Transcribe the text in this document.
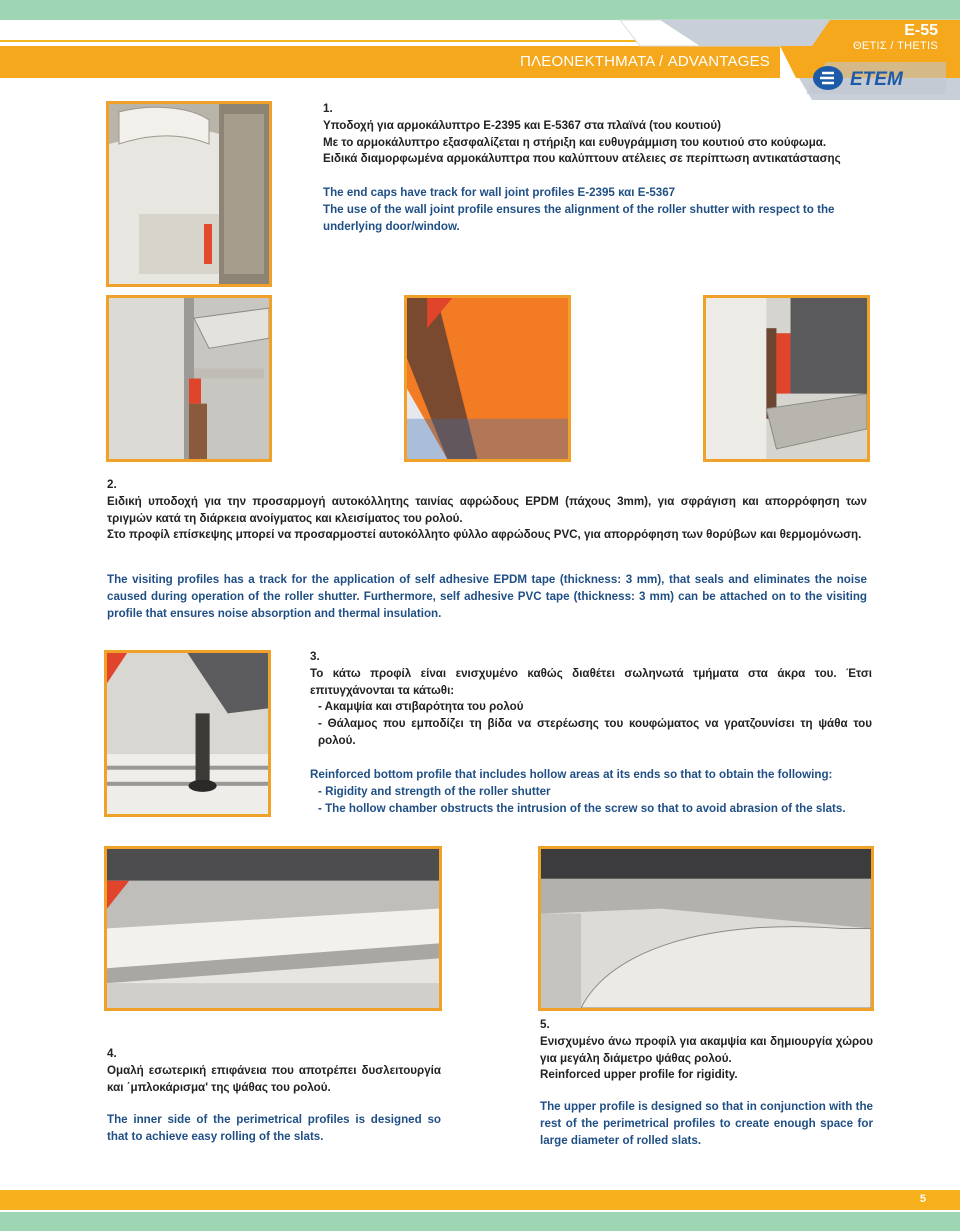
ΠΛΕΟΝΕΚΤΗΜΑΤΑ / ADVANTAGES
E-55
ΘΕΤΙΣ / THETIS
ETEM

1.

Υποδοχή για αρμοκάλυπτρο Ε-2395 και Ε-5367 στα πλαϊνά (του κουτιού)

Με το αρμοκάλυπτρο εξασφαλίζεται η στήριξη και ευθυγράμμιση του κουτιού στο κούφωμα.

Ειδικά διαμορφωμένα αρμοκάλυπτρα που καλύπτουν ατέλειες σε περίπτωση αντικατάστασης

The end caps have track for wall joint profiles E-2395 και E-5367

The use of the wall joint profile ensures the alignment of the roller shutter with respect to the underlying door/window.

2.

Ειδική υποδοχή για την προσαρμογή αυτοκόλλητης ταινίας αφρώδους EPDM (πάχους 3mm), για σφράγιση και απορρόφηση των τριγμών κατά τη διάρκεια ανοίγματος και κλεισίματος του ρολού.

Στο προφίλ επίσκεψης μπορεί να προσαρμοστεί αυτοκόλλητο φύλλο αφρώδους PVC, για απορρόφηση των θορύβων και θερμομόνωση.

The visiting profiles has a track for the application of self adhesive EPDM tape (thickness: 3 mm), that seals and eliminates the noise caused during operation of the roller shutter. Furthermore, self adhesive PVC tape (thickness: 3 mm) can be attached on to the visiting profile that ensures noise absorption and thermal insulation.

3.

Το κάτω προφίλ είναι ενισχυμένο καθώς διαθέτει σωληνωτά τμήματα στα άκρα του. Έτσι επιτυγχάνονται τα κάτωθι:

- Ακαμψία και στιβαρότητα του ρολού

- Θάλαμος που εμποδίζει τη βίδα να στερέωσης του κουφώματος να γρατζουνίσει τη ψάθα του ρολού.

Reinforced bottom profile that includes hollow areas at its ends so that to obtain the following:

- Rigidity and strength of the roller shutter

- The hollow chamber obstructs the intrusion of the screw so that to avoid abrasion of the slats.

4.

Ομαλή εσωτερική επιφάνεια που αποτρέπει δυσλειτουργία και ΄μπλοκάρισμα' της ψάθας του ρολού.

The inner side of the perimetrical profiles is designed so that to achieve easy rolling of the slats.

5.

Ενισχυμένο άνω προφίλ για ακαμψία και δημιουργία χώρου για μεγάλη διάμετρο ψάθας ρολού.

Reinforced upper profile for rigidity.

The upper profile is designed so that in conjunction with the rest of the perimetrical profiles to create enough space for large diameter of rolled slats.

5
